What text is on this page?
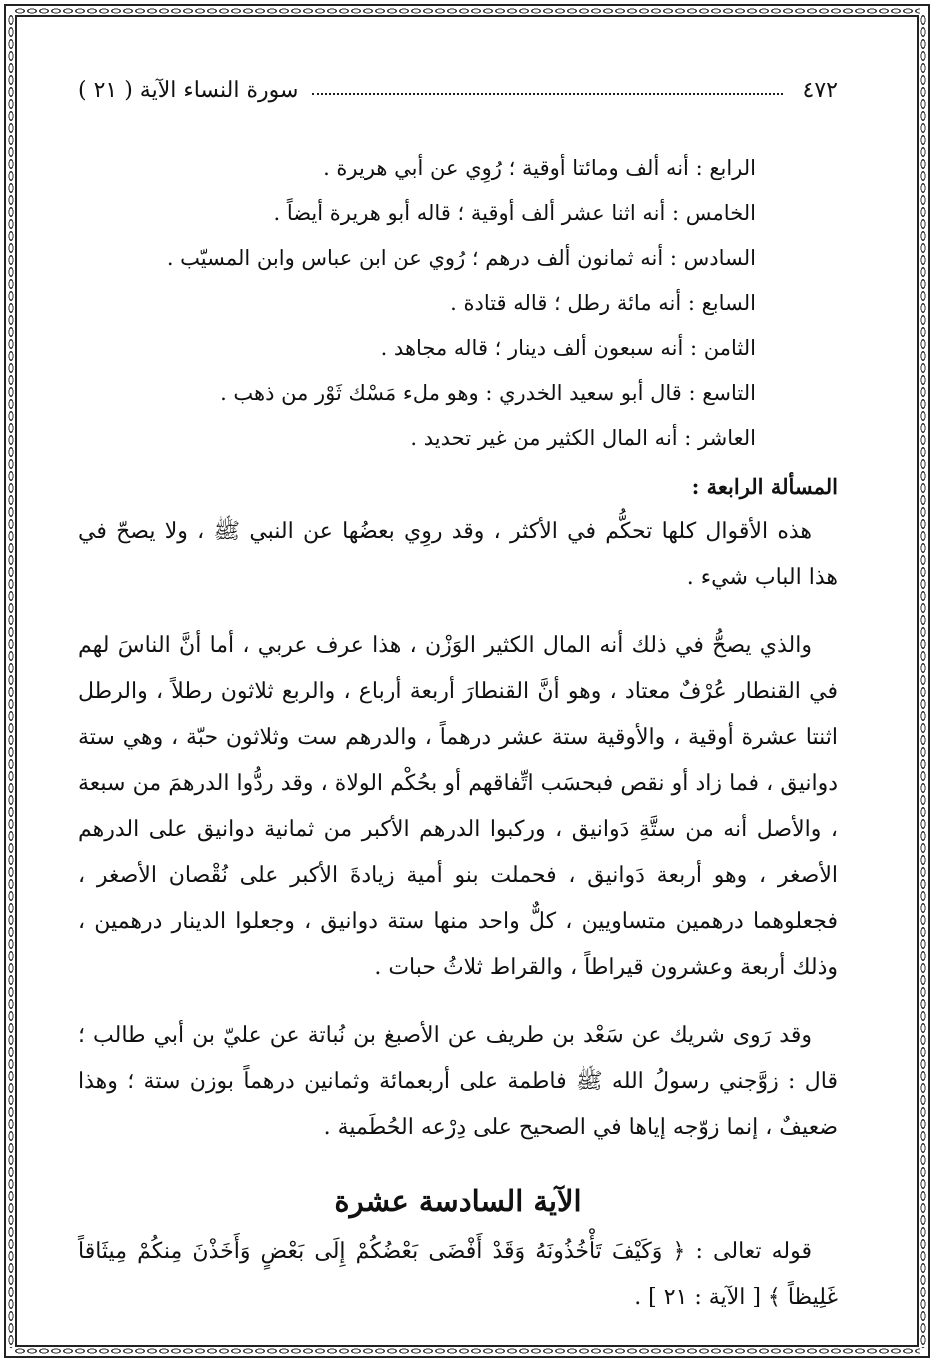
٤٧٢
سورة النساء الآية ( ٢١ )
الرابع : أنه ألف ومائتا أوقية ؛ رُوِي عن أبي هريرة .
الخامس : أنه اثنا عشر ألف أوقية ؛ قاله أبو هريرة أيضاً .
السادس : أنه ثمانون ألف درهم ؛ رُوي عن ابن عباس وابن المسيّب .
السابع : أنه مائة رطل ؛ قاله قتادة .
الثامن : أنه سبعون ألف دينار ؛ قاله مجاهد .
التاسع : قال أبو سعيد الخدري : وهو ملء مَسْك ثَوْر من ذهب .
العاشر : أنه المال الكثير من غير تحديد .
المسألة الرابعة :

هذه الأقوال كلها تحكُّم في الأكثر ، وقد روِي بعضُها عن النبي ﷺ ، ولا يصحّ في هذا الباب شيء .

والذي يصحُّ في ذلك أنه المال الكثير الوَزْن ، هذا عرف عربي ، أما أنَّ الناسَ لهم في القنطار عُرْفٌ معتاد ، وهو أنَّ القنطارَ أربعة أرباع ، والربع ثلاثون رطلاً ، والرطل اثنتا عشرة أوقية ، والأوقية ستة عشر درهماً ، والدرهم ست وثلاثون حبّة ، وهي ستة دوانيق ، فما زاد أو نقص فبحسَب اتِّفاقهم أو بحُكْم الولاة ، وقد ردُّوا الدرهمَ من سبعة ، والأصل أنه من ستَّةِ دَوانيق ، وركبوا الدرهم الأكبر من ثمانية دوانيق على الدرهم الأصغر ، وهو أربعة دَوانيق ، فحملت بنو أمية زيادةَ الأكبر على نُقْصان الأصغر ، فجعلوهما درهمين متساويين ، كلٌّ واحد منها ستة دوانيق ، وجعلوا الدينار درهمين ، وذلك أربعة وعشرون قيراطاً ، والقراط ثلاثُ حبات .

وقد رَوى شريك عن سَعْد بن طريف عن الأصبغ بن نُباتة عن عليّ بن أبي طالب ؛ قال : زوَّجني رسولُ الله ﷺ فاطمة على أربعمائة وثمانين درهماً بوزن ستة ؛ وهذا ضعيفٌ ، إنما زوّجه إياها في الصحيح على دِرْعه الحُطَمية .

الآية السادسة عشرة

قوله تعالى : ﴿ وَكَيْفَ تَأْخُذُونَهُ وَقَدْ أَفْضَى بَعْضُكُمْ إِلَى بَعْضٍ وَأَخَذْنَ مِنكُمْ مِيثَاقاً غَلِيظاً ﴾ [ الآية : ٢١ ] .
